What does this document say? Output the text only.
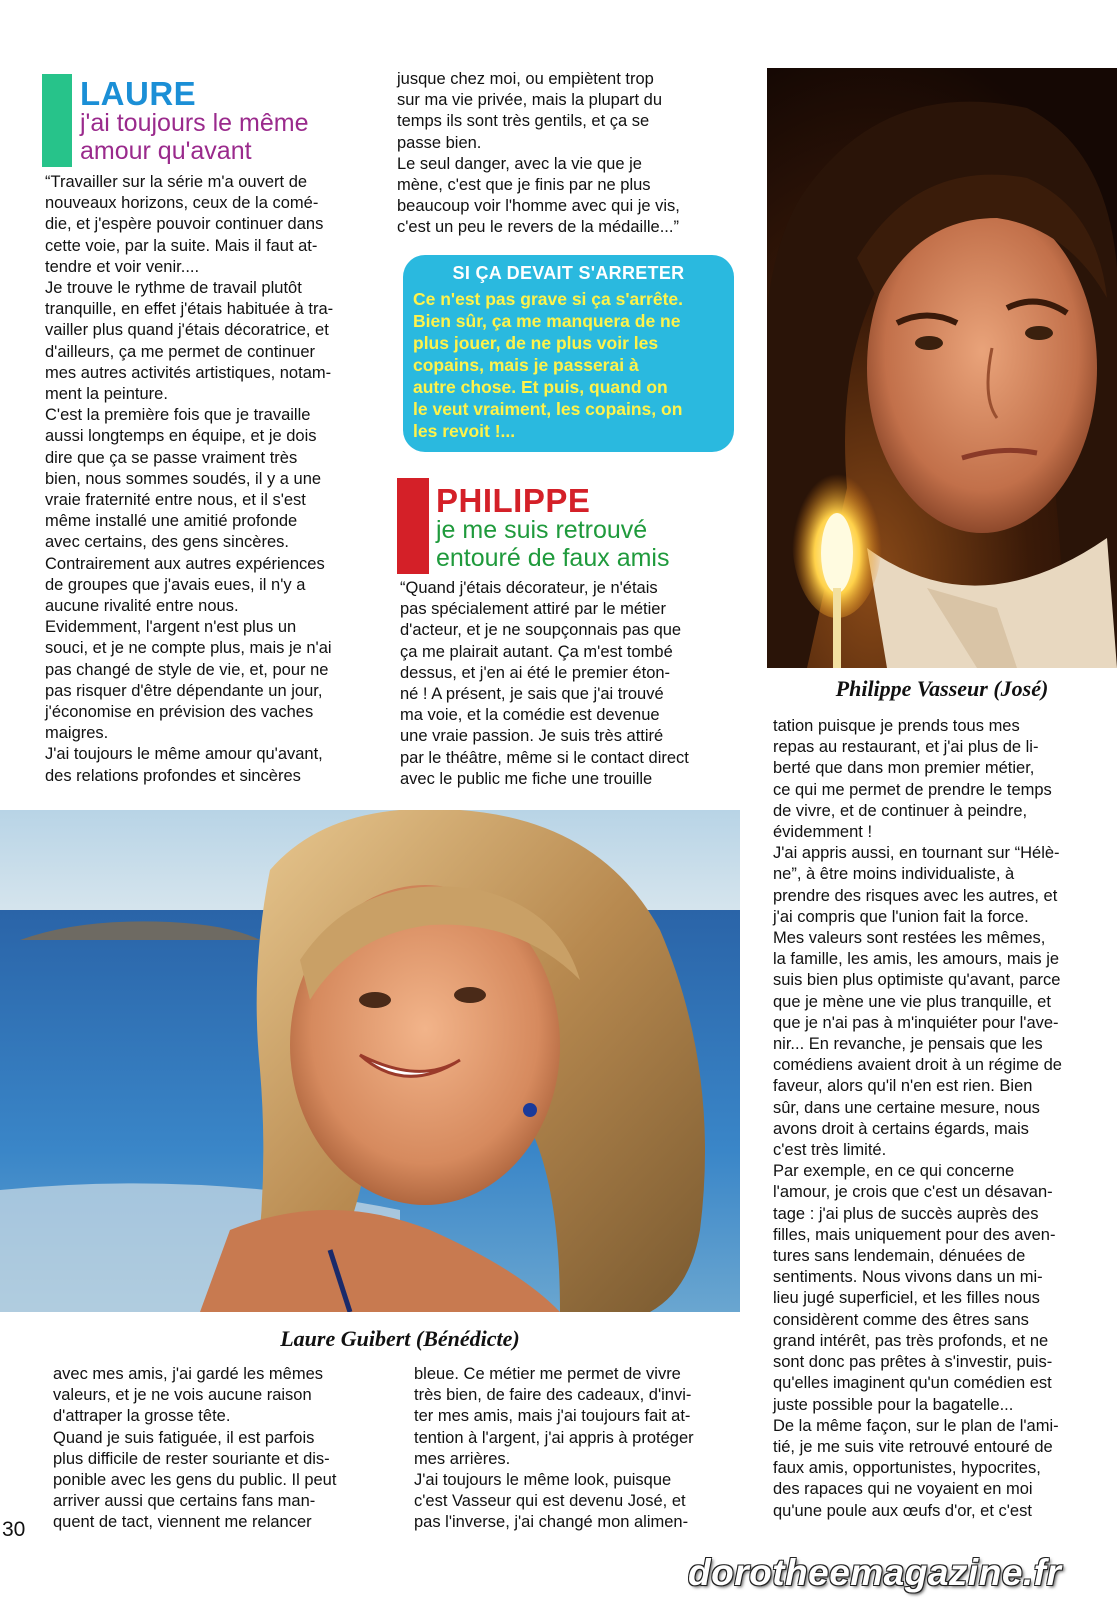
LAURE
j'ai toujours le même
amour qu'avant

“Travailler sur la série m'a ouvert de
nouveaux horizons, ceux de la comé-
die, et j'espère pouvoir continuer dans
cette voie, par la suite. Mais il faut at-
tendre et voir venir....
Je trouve le rythme de travail plutôt
tranquille, en effet j'étais habituée à tra-
vailler plus quand j'étais décoratrice, et
d'ailleurs, ça me permet de continuer
mes autres activités artistiques, notam-
ment la peinture.
C'est la première fois que je travaille
aussi longtemps en équipe, et je dois
dire que ça se passe vraiment très
bien, nous sommes soudés, il y a une
vraie fraternité entre nous, et il s'est
même installé une amitié profonde
avec certains, des gens sincères.
Contrairement aux autres expériences
de groupes que j'avais eues, il n'y a
aucune rivalité entre nous.
Evidemment, l'argent n'est plus un
souci, et je ne compte plus, mais je n'ai
pas changé de style de vie, et, pour ne
pas risquer d'être dépendante un jour,
j'économise en prévision des vaches
maigres.
J'ai toujours le même amour qu'avant,
des relations profondes et sincères

jusque chez moi, ou empiètent trop
sur ma vie privée, mais la plupart du
temps ils sont très gentils, et ça se
passe bien.
Le seul danger, avec la vie que je
mène, c'est que je finis par ne plus
beaucoup voir l'homme avec qui je vis,
c'est un peu le revers de la médaille...”

SI ÇA DEVAIT S'ARRETER
Ce n'est pas grave si ça s'arrête.
Bien sûr, ça me manquera de ne
plus jouer, de ne plus voir les
copains, mais je passerai à
autre chose. Et puis, quand on
le veut vraiment, les copains, on
les revoit !...
PHILIPPE
je me suis retrouvé
entouré de faux amis

“Quand j'étais décorateur, je n'étais
pas spécialement attiré par le métier
d'acteur, et je ne soupçonnais pas que
ça me plairait autant. Ça m'est tombé
dessus, et j'en ai été le premier éton-
né ! A présent, je sais que j'ai trouvé
ma voie, et la comédie est devenue
une vraie passion. Je suis très attiré
par le théâtre, même si le contact direct
avec le public me fiche une trouille

Philippe Vasseur (José)

tation puisque je prends tous mes
repas au restaurant, et j'ai plus de li-
berté que dans mon premier métier,
ce qui me permet de prendre le temps
de vivre, et de continuer à peindre,
évidemment !
J'ai appris aussi, en tournant sur “Hélè-
ne”, à être moins individualiste, à
prendre des risques avec les autres, et
j'ai compris que l'union fait la force.
Mes valeurs sont restées les mêmes,
la famille, les amis, les amours, mais je
suis bien plus optimiste qu'avant, parce
que je mène une vie plus tranquille, et
que je n'ai pas à m'inquiéter pour l'ave-
nir... En revanche, je pensais que les
comédiens avaient droit à un régime de
faveur, alors qu'il n'en est rien. Bien
sûr, dans une certaine mesure, nous
avons droit à certains égards, mais
c'est très limité.
Par exemple, en ce qui concerne
l'amour, je crois que c'est un désavan-
tage : j'ai plus de succès auprès des
filles, mais uniquement pour des aven-
tures sans lendemain, dénuées de
sentiments. Nous vivons dans un mi-
lieu jugé superficiel, et les filles nous
considèrent comme des êtres sans
grand intérêt, pas très profonds, et ne
sont donc pas prêtes à s'investir, puis-
qu'elles imaginent qu'un comédien est
juste possible pour la bagatelle...
De la même façon, sur le plan de l'ami-
tié, je me suis vite retrouvé entouré de
faux amis, opportunistes, hypocrites,
des rapaces qui ne voyaient en moi
qu'une poule aux œufs d'or, et c'est

Laure Guibert (Bénédicte)

avec mes amis, j'ai gardé les mêmes
valeurs, et je ne vois aucune raison
d'attraper la grosse tête.
Quand je suis fatiguée, il est parfois
plus difficile de rester souriante et dis-
ponible avec les gens du public. Il peut
arriver aussi que certains fans man-
quent de tact, viennent me relancer

bleue. Ce métier me permet de vivre
très bien, de faire des cadeaux, d'invi-
ter mes amis, mais j'ai toujours fait at-
tention à l'argent, j'ai appris à protéger
mes arrières.
J'ai toujours le même look, puisque
c'est Vasseur qui est devenu José, et
pas l'inverse, j'ai changé mon alimen-

30
dorotheemagazine.fr
